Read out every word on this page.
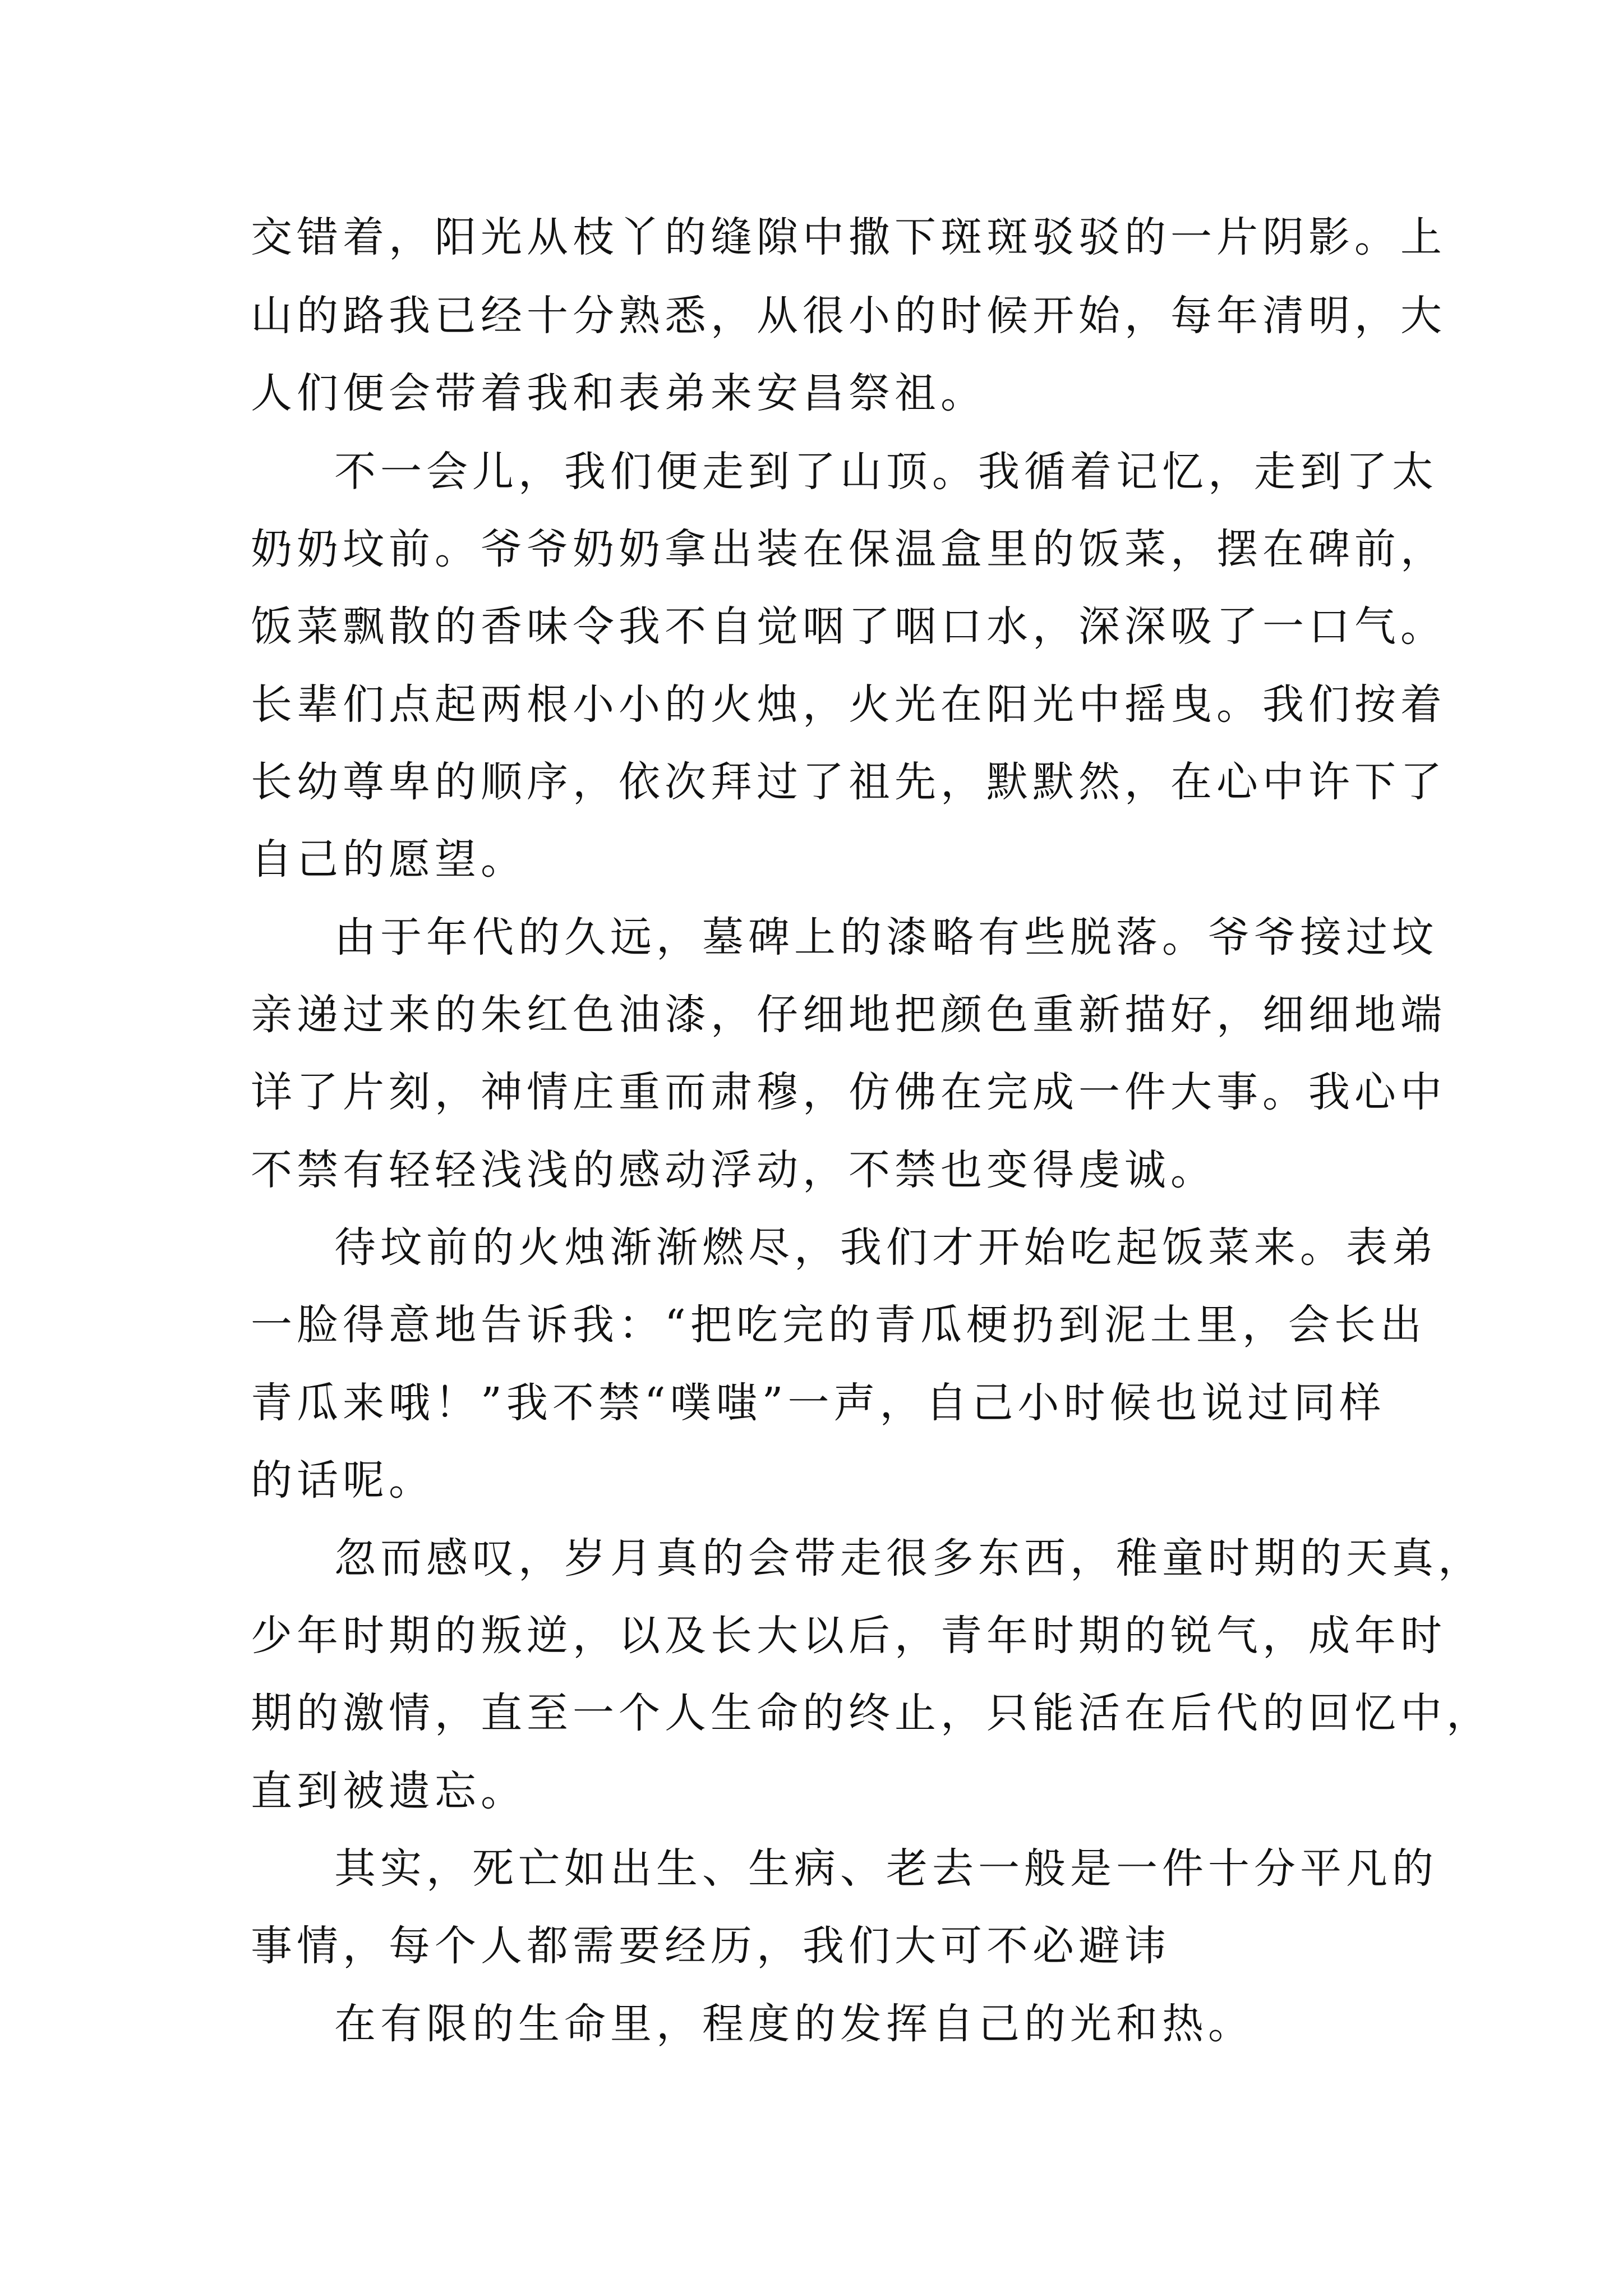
交错着，阳光从枝丫的缝隙中撒下斑斑驳驳的一片阴影。上

山的路我已经十分熟悉，从很小的时候开始，每年清明，大

人们便会带着我和表弟来安昌祭祖。

不一会儿，我们便走到了山顶。我循着记忆，走到了太

奶奶坟前。爷爷奶奶拿出装在保温盒里的饭菜，摆在碑前，

饭菜飘散的香味令我不自觉咽了咽口水，深深吸了一口气。

长辈们点起两根小小的火烛，火光在阳光中摇曳。我们按着

长幼尊卑的顺序，依次拜过了祖先，默默然，在心中许下了

自己的愿望。

由于年代的久远，墓碑上的漆略有些脱落。爷爷接过坟

亲递过来的朱红色油漆，仔细地把颜色重新描好，细细地端

详了片刻，神情庄重而肃穆，仿佛在完成一件大事。我心中

不禁有轻轻浅浅的感动浮动，不禁也变得虔诚。

待坟前的火烛渐渐燃尽，我们才开始吃起饭菜来。表弟

一脸得意地告诉我：“把吃完的青瓜梗扔到泥土里，会长出

青瓜来哦！”我不禁“噗嗤”一声，自己小时候也说过同样

的话呢。

忽而感叹，岁月真的会带走很多东西，稚童时期的天真，

少年时期的叛逆，以及长大以后，青年时期的锐气，成年时

期的激情，直至一个人生命的终止，只能活在后代的回忆中，

直到被遗忘。

其实，死亡如出生、生病、老去一般是一件十分平凡的

事情，每个人都需要经历，我们大可不必避讳

在有限的生命里，程度的发挥自己的光和热。
